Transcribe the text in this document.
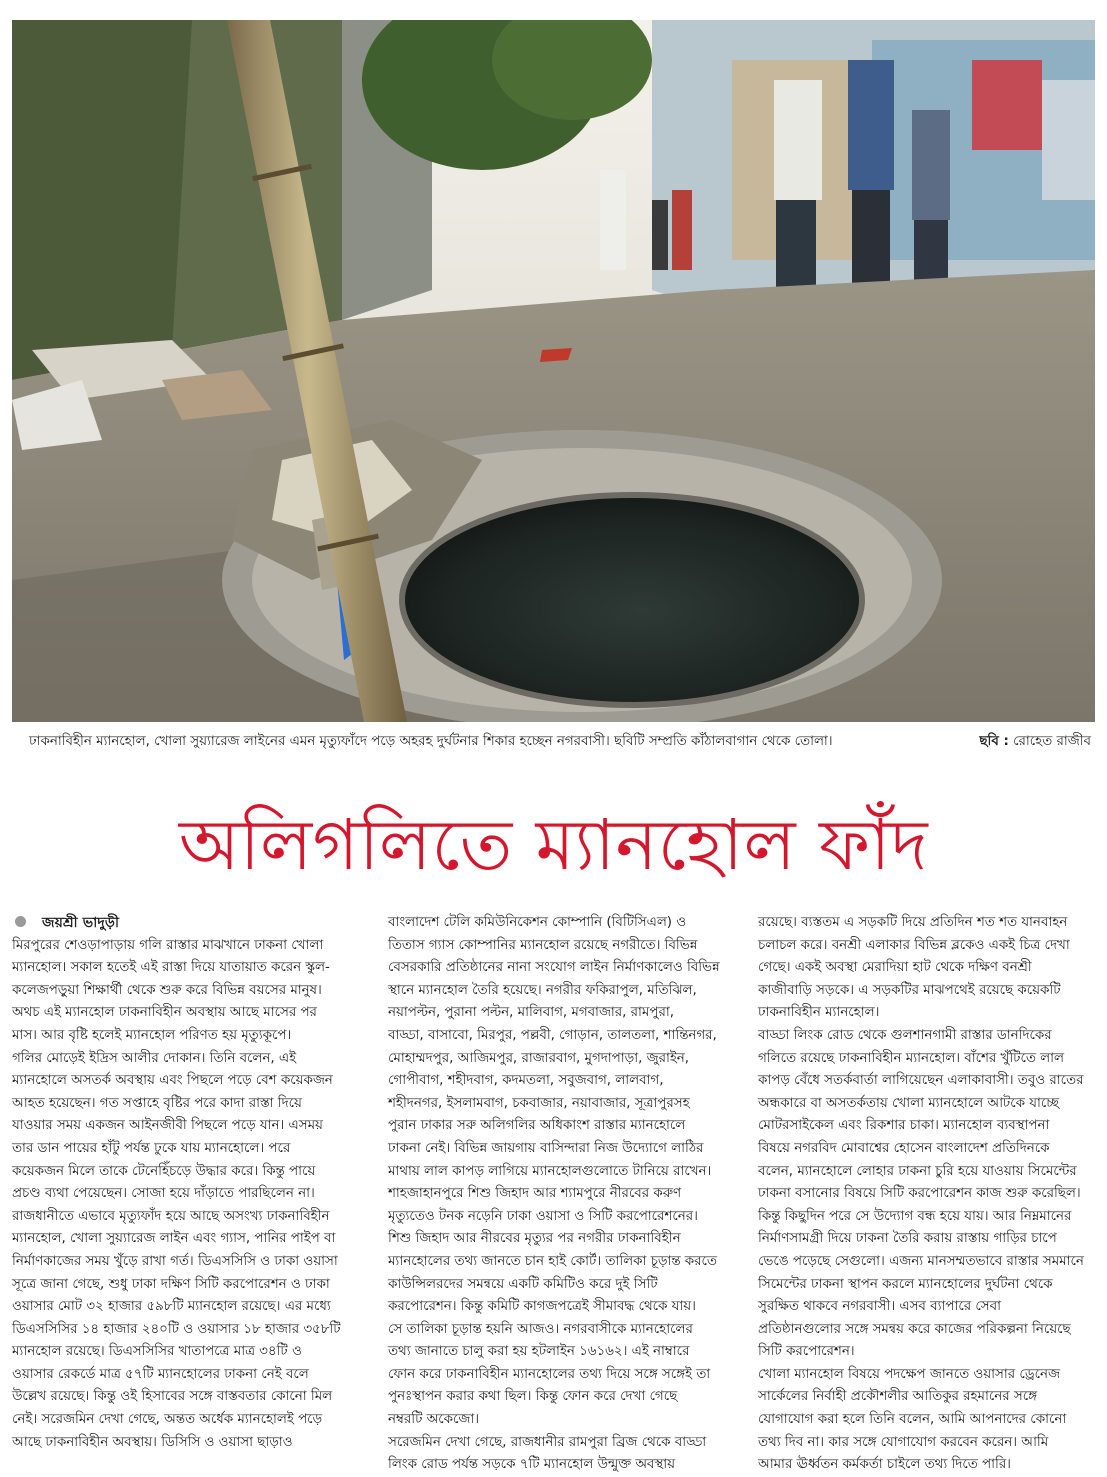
ঢাকনাবিহীন ম্যানহোল, খোলা সুয়্যারেজ লাইনের এমন মৃত্যুফাঁদে পড়ে অহরহ দুর্ঘটনার শিকার হচ্ছেন নগরবাসী। ছবিটি সম্প্রতি কাঁঠালবাগান থেকে তোলা।	ছবি : রোহেত রাজীব
অলিগলিতে ম্যানহোল ফাঁদ
জয়শ্রী ভাদুড়ী
মিরপুরের শেওড়াপাড়ায় গলি রাস্তার মাঝখানে ঢাকনা খোলা
ম্যানহোল। সকাল হতেই এই রাস্তা দিয়ে যাতায়াত করেন স্কুল-
কলেজপড়ুয়া শিক্ষার্থী থেকে শুরু করে বিভিন্ন বয়সের মানুষ।
অথচ এই ম্যানহোল ঢাকনাবিহীন অবস্থায় আছে মাসের পর
মাস। আর বৃষ্টি হলেই ম্যানহোল পরিণত হয় মৃত্যুকূপে।
গলির মোড়েই ইদ্রিস আলীর দোকান। তিনি বলেন, এই
ম্যানহোলে অসতর্ক অবস্থায় এবং পিছলে পড়ে বেশ কয়েকজন
আহত হয়েছেন। গত সপ্তাহে বৃষ্টির পরে কাদা রাস্তা দিয়ে
যাওয়ার সময় একজন আইনজীবী পিছলে পড়ে যান। এসময়
তার ডান পায়ের হাঁটু পর্যন্ত ঢুকে যায় ম্যানহোলে। পরে
কয়েকজন মিলে তাকে টেনেহিঁচড়ে উদ্ধার করে। কিন্তু পায়ে
প্রচণ্ড ব্যথা পেয়েছেন। সোজা হয়ে দাঁড়াতে পারছিলেন না।
রাজধানীতে এভাবে মৃত্যুফাঁদ হয়ে আছে অসংখ্য ঢাকনাবিহীন
ম্যানহোল, খোলা সুয়্যারেজ লাইন এবং গ্যাস, পানির পাইপ বা
নির্মাণকাজের সময় খুঁড়ে রাখা গর্ত। ডিএসসিসি ও ঢাকা ওয়াসা
সূত্রে জানা গেছে, শুধু ঢাকা দক্ষিণ সিটি করপোরেশন ও ঢাকা
ওয়াসার মোট ৩২ হাজার ৫৯৮টি ম্যানহোল রয়েছে। এর মধ্যে
ডিএসসিসির ১৪ হাজার ২৪০টি ও ওয়াসার ১৮ হাজার ৩৫৮টি
ম্যানহোল রয়েছে। ডিএসসিসির খাতাপত্রে মাত্র ৩৪টি ও
ওয়াসার রেকর্ডে মাত্র ৫৭টি ম্যানহোলের ঢাকনা নেই বলে
উল্লেখ রয়েছে। কিন্তু ওই হিসাবের সঙ্গে বাস্তবতার কোনো মিল
নেই। সরেজমিন দেখা গেছে, অন্তত অর্ধেক ম্যানহোলই পড়ে
আছে ঢাকনাবিহীন অবস্থায়। ডিসিসি ও ওয়াসা ছাড়াও
বাংলাদেশ টেলি কমিউনিকেশন কোম্পানি (বিটিসিএল) ও
তিতাস গ্যাস কোম্পানির ম্যানহোল রয়েছে নগরীতে। বিভিন্ন
বেসরকারি প্রতিষ্ঠানের নানা সংযোগ লাইন নির্মাণকালেও বিভিন্ন
স্থানে ম্যানহোল তৈরি হয়েছে। নগরীর ফকিরাপুল, মতিঝিল,
নয়াপল্টন, পুরানা পল্টন, মালিবাগ, মগবাজার, রামপুরা,
বাড্ডা, বাসাবো, মিরপুর, পল্লবী, গোড়ান, তালতলা, শান্তিনগর,
মোহাম্মদপুর, আজিমপুর, রাজারবাগ, মুগদাপাড়া, জুরাইন,
গোপীবাগ, শহীদবাগ, কদমতলা, সবুজবাগ, লালবাগ,
শহীদনগর, ইসলামবাগ, চকবাজার, নয়াবাজার, সূত্রাপুরসহ
পুরান ঢাকার সরু অলিগলির অধিকাংশ রাস্তার ম্যানহোলে
ঢাকনা নেই। বিভিন্ন জায়গায় বাসিন্দারা নিজ উদ্যোগে লাঠির
মাথায় লাল কাপড় লাগিয়ে ম্যানহোলগুলোতে টানিয়ে রাখেন।
শাহজাহানপুরে শিশু জিহাদ আর শ্যামপুরে নীরবের করুণ
মৃত্যুতেও টনক নড়েনি ঢাকা ওয়াসা ও সিটি করপোরেশনের।
শিশু জিহাদ আর নীরবের মৃত্যুর পর নগরীর ঢাকনাবিহীন
ম্যানহোলের তথ্য জানতে চান হাই কোর্ট। তালিকা চূড়ান্ত করতে
কাউন্সিলরদের সমন্বয়ে একটি কমিটিও করে দুই সিটি
করপোরেশন। কিন্তু কমিটি কাগজপত্রেই সীমাবদ্ধ থেকে যায়।
সে তালিকা চূড়ান্ত হয়নি আজও। নগরবাসীকে ম্যানহোলের
তথ্য জানাতে চালু করা হয় হটলাইন ১৬১৬২। এই নাম্বারে
ফোন করে ঢাকনাবিহীন ম্যানহোলের তথ্য দিয়ে সঙ্গে সঙ্গেই তা
পুনঃস্থাপন করার কথা ছিল। কিন্তু ফোন করে দেখা গেছে
নম্বরটি অকেজো।
সরেজমিন দেখা গেছে, রাজধানীর রামপুরা ব্রিজ থেকে বাড্ডা
লিংক রোড পর্যন্ত সড়কে ৭টি ম্যানহোল উন্মুক্ত অবস্থায়
রয়েছে। ব্যস্ততম এ সড়কটি দিয়ে প্রতিদিন শত শত যানবাহন
চলাচল করে। বনশ্রী এলাকার বিভিন্ন ব্লকেও একই চিত্র দেখা
গেছে। একই অবস্থা মেরাদিয়া হাট থেকে দক্ষিণ বনশ্রী
কাজীবাড়ি সড়কে। এ সড়কটির মাঝপথেই রয়েছে কয়েকটি
ঢাকনাবিহীন ম্যানহোল।
বাড্ডা লিংক রোড থেকে গুলশানগামী রাস্তার ডানদিকের
গলিতে রয়েছে ঢাকনাবিহীন ম্যানহোল। বাঁশের খুঁটিতে লাল
কাপড় বেঁধে সতর্কবার্তা লাগিয়েছেন এলাকাবাসী। তবুও রাতের
অন্ধকারে বা অসতর্কতায় খোলা ম্যানহোলে আটকে যাচ্ছে
মোটরসাইকেল এবং রিকশার চাকা। ম্যানহোল ব্যবস্থাপনা
বিষয়ে নগরবিদ মোবাশ্বের হোসেন বাংলাদেশ প্রতিদিনকে
বলেন, ম্যানহোলে লোহার ঢাকনা চুরি হয়ে যাওয়ায় সিমেন্টের
ঢাকনা বসানোর বিষয়ে সিটি করপোরেশন কাজ শুরু করেছিল।
কিন্তু কিছুদিন পরে সে উদ্যোগ বন্ধ হয়ে যায়। আর নিম্নমানের
নির্মাণসামগ্রী দিয়ে ঢাকনা তৈরি করায় রাস্তায় গাড়ির চাপে
ভেঙে পড়েছে সেগুলো। এজন্য মানসম্মতভাবে রাস্তার সমমানে
সিমেন্টের ঢাকনা স্থাপন করলে ম্যানহোলের দুর্ঘটনা থেকে
সুরক্ষিত থাকবে নগরবাসী। এসব ব্যাপারে সেবা
প্রতিষ্ঠানগুলোর সঙ্গে সমন্বয় করে কাজের পরিকল্পনা নিয়েছে
সিটি করপোরেশন।
খোলা ম্যানহোল বিষয়ে পদক্ষেপ জানতে ওয়াসার ড্রেনেজ
সার্কেলের নির্বাহী প্রকৌশলীর আতিকুর রহমানের সঙ্গে
যোগাযোগ করা হলে তিনি বলেন, আমি আপনাদের কোনো
তথ্য দিব না। কার সঙ্গে যোগাযোগ করবেন করেন। আমি
আমার ঊর্ধ্বতন কর্মকর্তা চাইলে তথ্য দিতে পারি।
